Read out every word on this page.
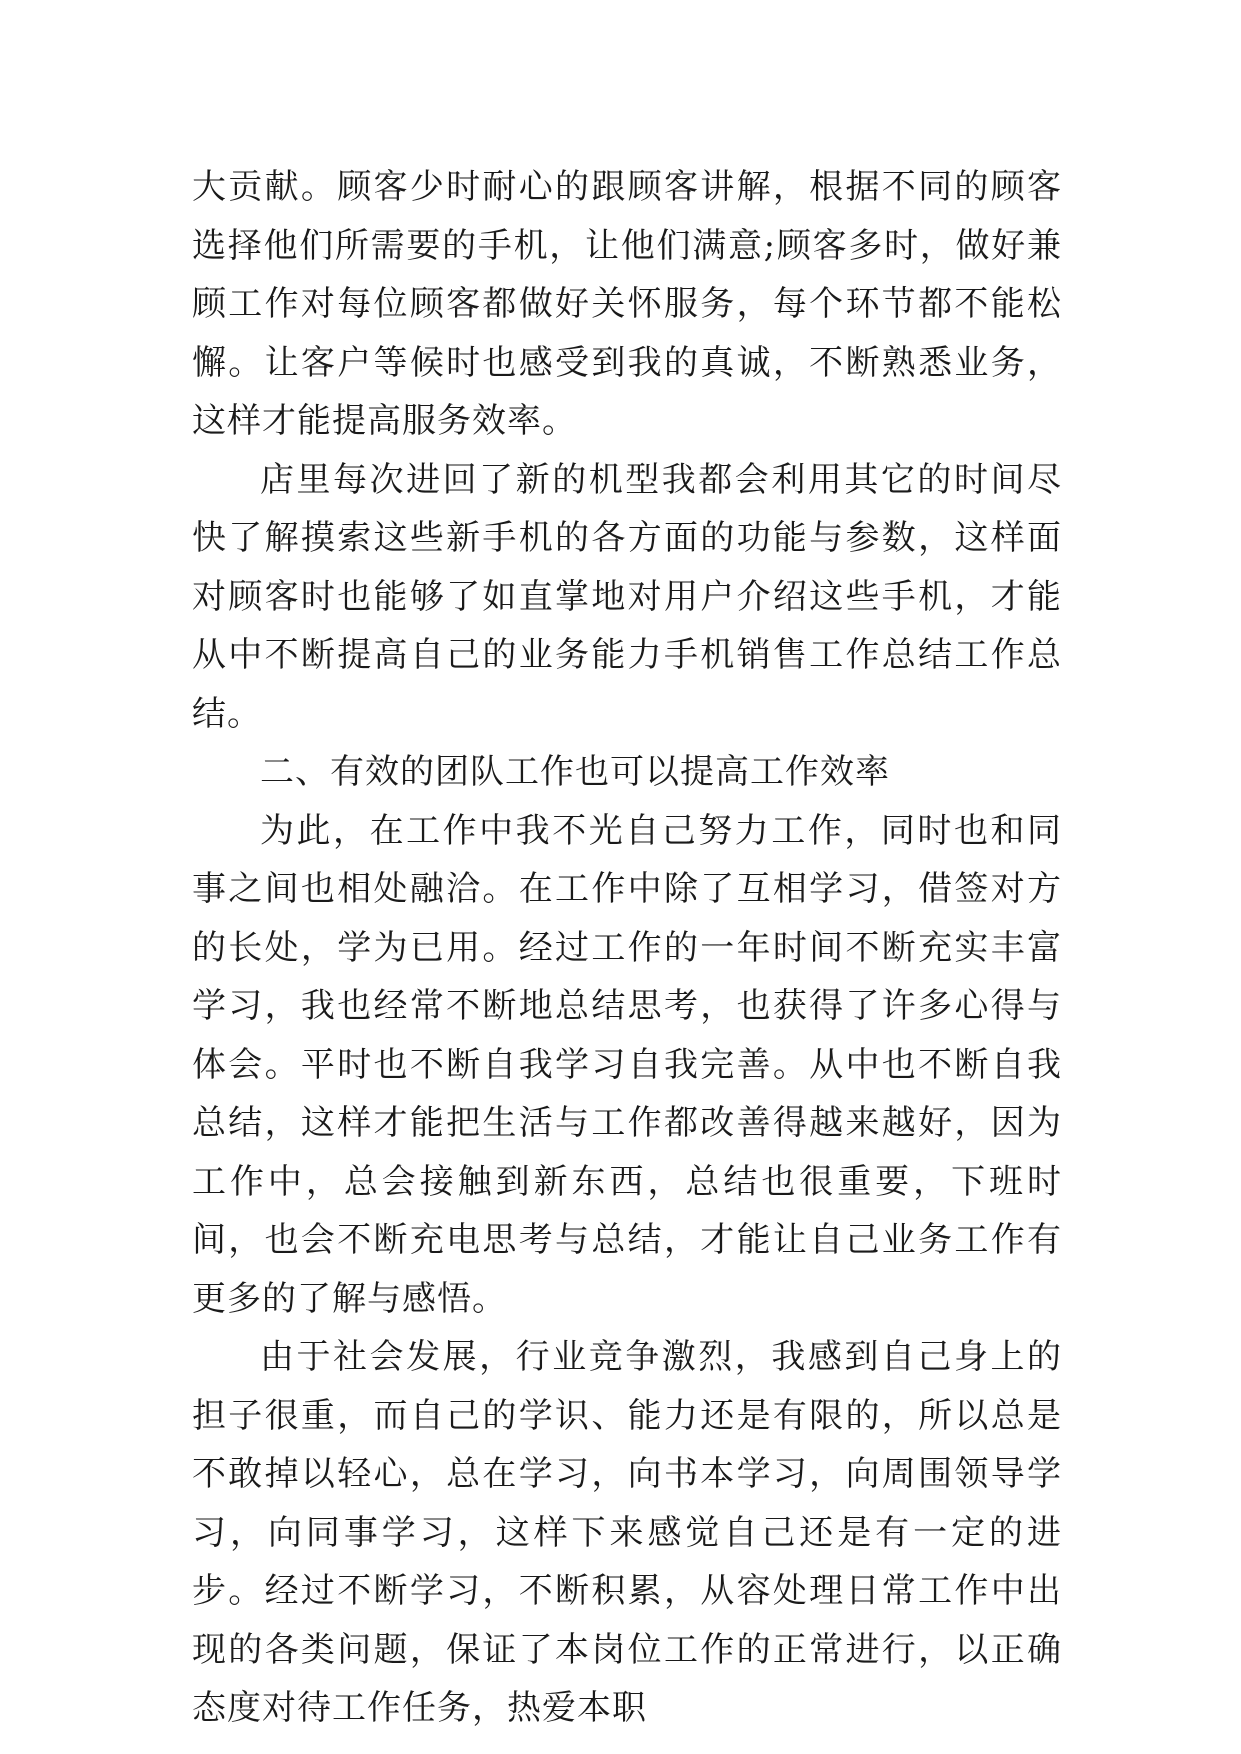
大贡献。顾客少时耐心的跟顾客讲解，根据不同的顾客选择他们所需要的手机，让他们满意;顾客多时，做好兼顾工作对每位顾客都做好关怀服务，每个环节都不能松懈。让客户等候时也感受到我的真诚，不断熟悉业务，这样才能提高服务效率。

店里每次进回了新的机型我都会利用其它的时间尽快了解摸索这些新手机的各方面的功能与参数，这样面对顾客时也能够了如直掌地对用户介绍这些手机，才能从中不断提高自己的业务能力手机销售工作总结工作总结。

二、有效的团队工作也可以提高工作效率

为此，在工作中我不光自己努力工作，同时也和同事之间也相处融洽。在工作中除了互相学习，借签对方的长处，学为已用。经过工作的一年时间不断充实丰富学习，我也经常不断地总结思考，也获得了许多心得与体会。平时也不断自我学习自我完善。从中也不断自我总结，这样才能把生活与工作都改善得越来越好，因为工作中，总会接触到新东西，总结也很重要，下班时间，也会不断充电思考与总结，才能让自己业务工作有更多的了解与感悟。

由于社会发展，行业竞争激烈，我感到自己身上的担子很重，而自己的学识、能力还是有限的，所以总是不敢掉以轻心，总在学习，向书本学习，向周围领导学习，向同事学习，这样下来感觉自己还是有一定的进步。经过不断学习，不断积累，从容处理日常工作中出现的各类问题，保证了本岗位工作的正常进行，以正确态度对待工作任务，热爱本职
